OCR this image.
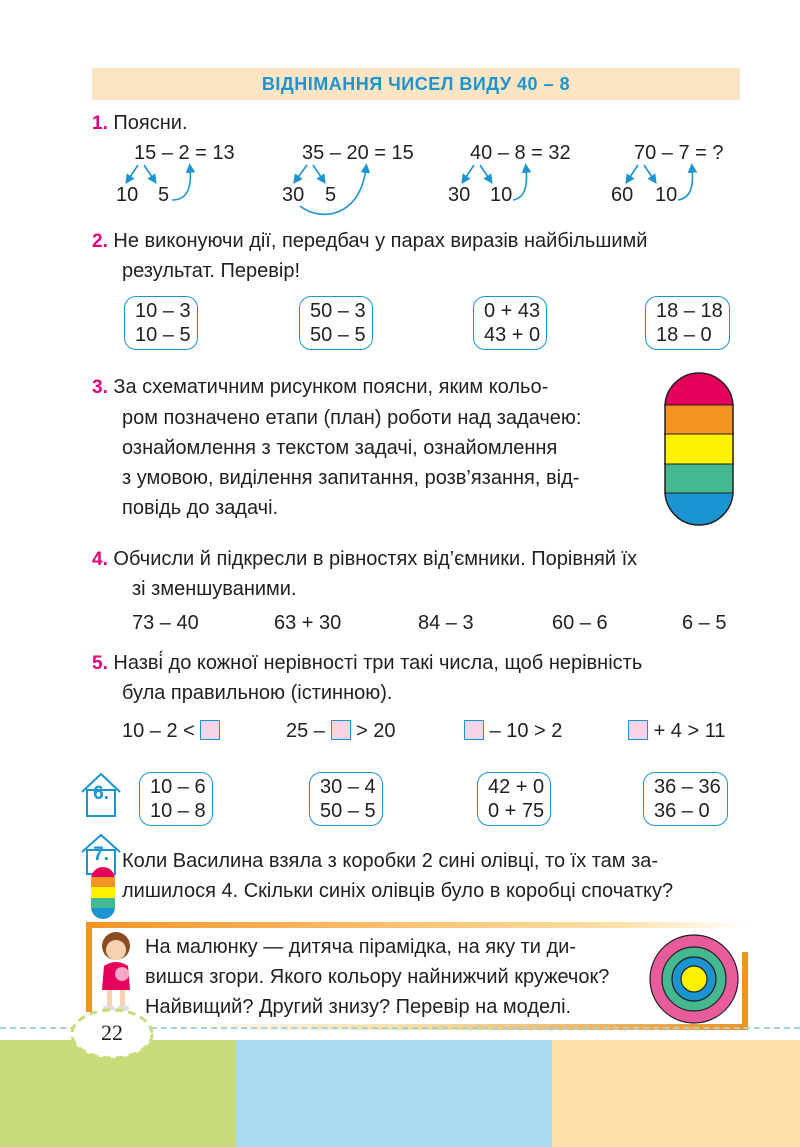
ВІДНІМАННЯ ЧИСЕЛ ВИДУ 40 – 8
1. Поясни.
15 – 2 = 13	35 – 20 = 15	40 – 8 = 32	70 – 7 = ?
10 5	30 5	30 10	60 10
2. Не виконуючи дії, передбач у парах виразів найбільшимй
результат. Перевір!
10 – 3
10 – 5
50 – 3
50 – 5
0 + 43
43 + 0
18 – 18
18 – 0
3. За схематичним рисунком поясни, яким кольо-
ром позначено етапи (план) роботи над задачею:
ознайомлення з текстом задачі, ознайомлення
з умовою, виділення запитання, розв’язання, від-
повідь до задачі.
4. Обчисли й підкресли в рівностях від’ємники. Порівняй їх
зі зменшуваними.
73 – 40	63 + 30	84 – 3	60 – 6	6 – 5
5. Назві́ до кожної нерівності три такі числа, щоб нерівність
була правильною (істинною).
10 – 2 <	25 – > 20	– 10 > 2	+ 4 > 11
6.	10 – 6
10 – 8
30 – 4
50 – 5
42 + 0
0 + 75
36 – 36
36 – 0
7. Коли Василина взяла з коробки 2 сині олівці, то їх там за-
лишилося 4. Скільки синіх олівців було в коробці спочатку?
На малюнку — дитяча пірамідка, на яку ти ди-
вишся згори. Якого кольору найнижчий кружечок?
Найвищий? Другий знизу? Перевір на моделі.
22
